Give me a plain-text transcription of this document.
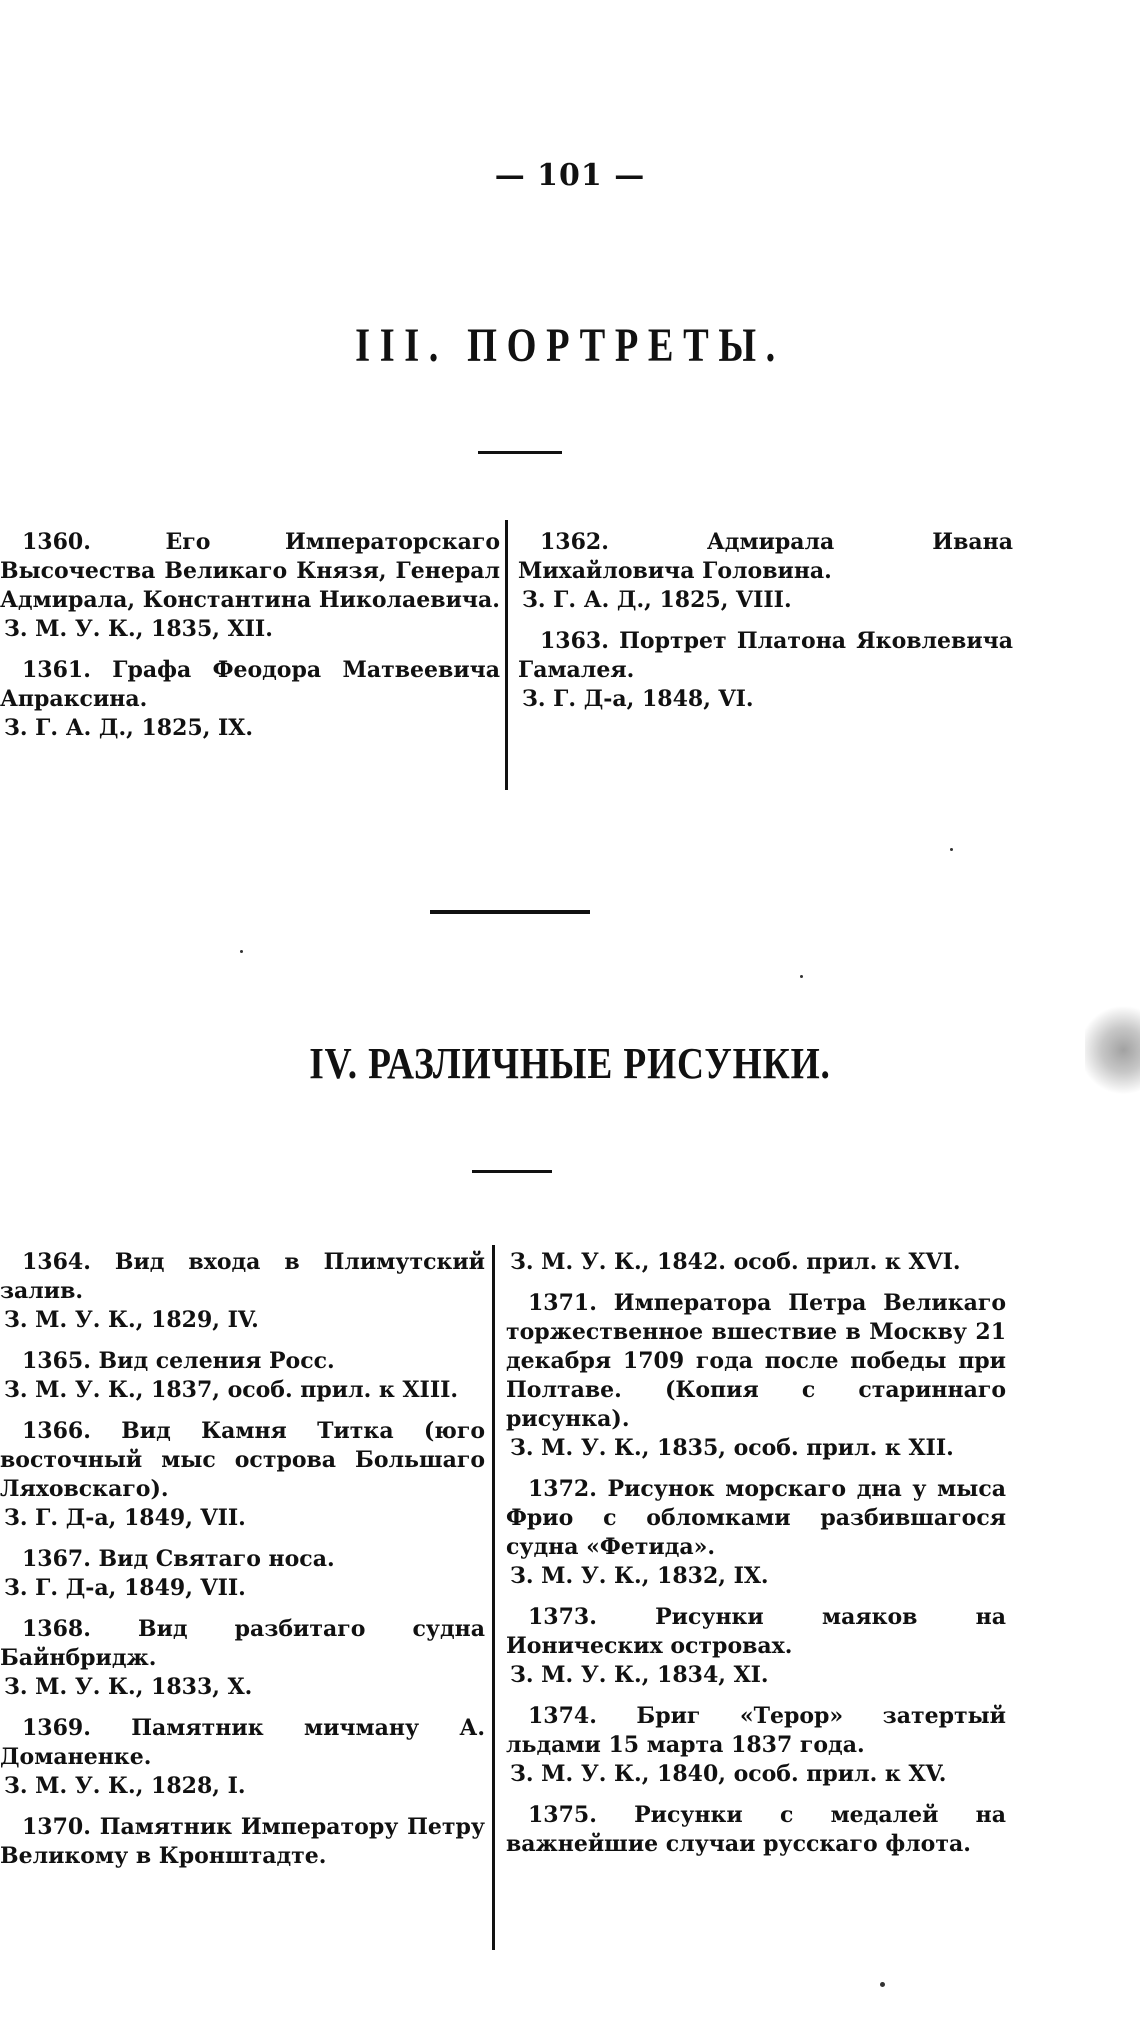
— 101 —
III. ПОРТРЕТЫ.
1360. Его Императорскаго Высочества Великаго Князя, Генерал Адмирала, Константина Николаевича.
З. М. У. К., 1835, XII.
1361. Графа Феодора Матвеевича Апраксина.
З. Г. А. Д., 1825, IX.
1362. Адмирала Ивана Михайловича Головина.
З. Г. А. Д., 1825, VIII.
1363. Портрет Платона Яковлевича Гамалея.
З. Г. Д-а, 1848, VI.
IV. РАЗЛИЧНЫЕ РИСУНКИ.
1364. Вид входа в Плимутский залив.
З. М. У. К., 1829, IV.
1365. Вид селения Росс.
З. М. У. К., 1837, особ. прил. к XIII.
1366. Вид Камня Титка (юго восточный мыс острова Большаго Ляховскаго).
З. Г. Д-а, 1849, VII.
1367. Вид Святаго носа.
З. Г. Д-а, 1849, VII.
1368. Вид разбитаго судна Байнбридж.
З. М. У. К., 1833, X.
1369. Памятник мичману А. Доманенке.
З. М. У. К., 1828, I.
1370. Памятник Императору Петру Великому в Кронштадте.
З. М. У. К., 1842. особ. прил. к XVI.
1371. Императора Петра Великаго торжественное вшествие в Москву 21 декабря 1709 года после победы при Полтаве. (Копия с стариннаго рисунка).
З. М. У. К., 1835, особ. прил. к XII.
1372. Рисунок морскаго дна у мыса Фрио с обломками разбившагося судна «Фетида».
З. М. У. К., 1832, IX.
1373. Рисунки маяков на Ионических островах.
З. М. У. К., 1834, XI.
1374. Бриг «Терор» затертый льдами 15 марта 1837 года.
З. М. У. К., 1840, особ. прил. к XV.
1375. Рисунки с медалей на важнейшие случаи русскаго флота.
